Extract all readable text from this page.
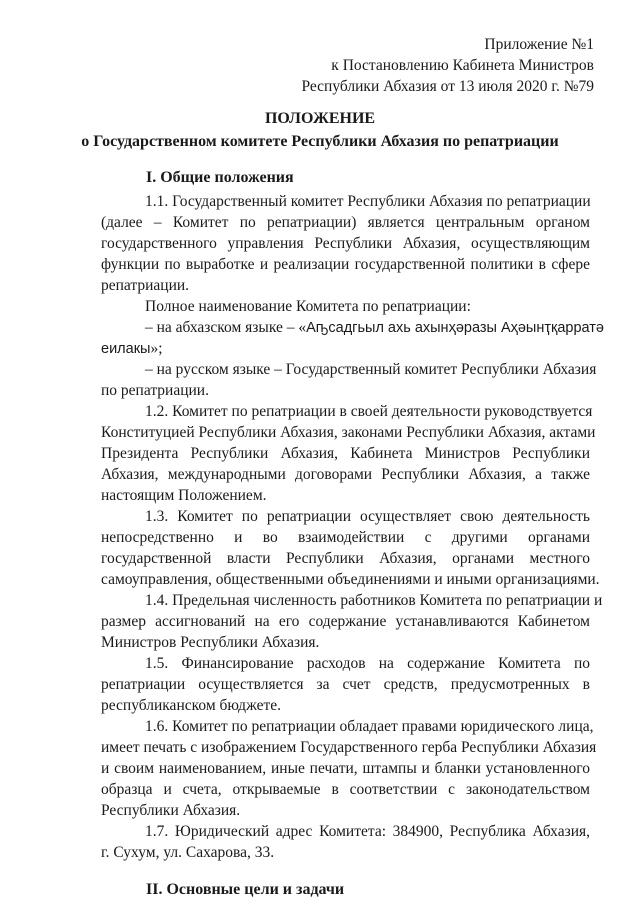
Приложение №1
к Постановлению Кабинета Министров
Республики Абхазия от 13 июля 2020 г. №79
ПОЛОЖЕНИЕ
о Государственном комитете Республики Абхазия по репатриации
I. Общие положения
1.1. Государственный комитет Республики Абхазия по репатриации
(далее – Комитет по репатриации) является центральным органом
государственного управления Республики Абхазия, осуществляющим
функции по выработке и реализации государственной политики в сфере
репатриации.
Полное наименование Комитета по репатриации:
– на абхазском языке – «Аҧсадгьыл ахь ахынҳәразы Аҳәынҭқарратә
еилакы»;
– на русском языке – Государственный комитет Республики Абхазия
по репатриации.
1.2. Комитет по репатриации в своей деятельности руководствуется
Конституцией Республики Абхазия, законами Республики Абхазия, актами
Президента Республики Абхазия, Кабинета Министров Республики
Абхазия, международными договорами Республики Абхазия, а также
настоящим Положением.
1.3. Комитет по репатриации осуществляет свою деятельность
непосредственно и во взаимодействии с другими органами
государственной власти Республики Абхазия, органами местного
самоуправления, общественными объединениями и иными организациями.
1.4. Предельная численность работников Комитета по репатриации и
размер ассигнований на его содержание устанавливаются Кабинетом
Министров Республики Абхазия.
1.5. Финансирование расходов на содержание Комитета по
репатриации осуществляется за счет средств, предусмотренных в
республиканском бюджете.
1.6. Комитет по репатриации обладает правами юридического лица,
имеет печать с изображением Государственного герба Республики Абхазия
и своим наименованием, иные печати, штампы и бланки установленного
образца и счета, открываемые в соответствии с законодательством
Республики Абхазия.
1.7. Юридический адрес Комитета: 384900, Республика Абхазия,
г. Сухум, ул. Сахарова, 33.
II. Основные цели и задачи
